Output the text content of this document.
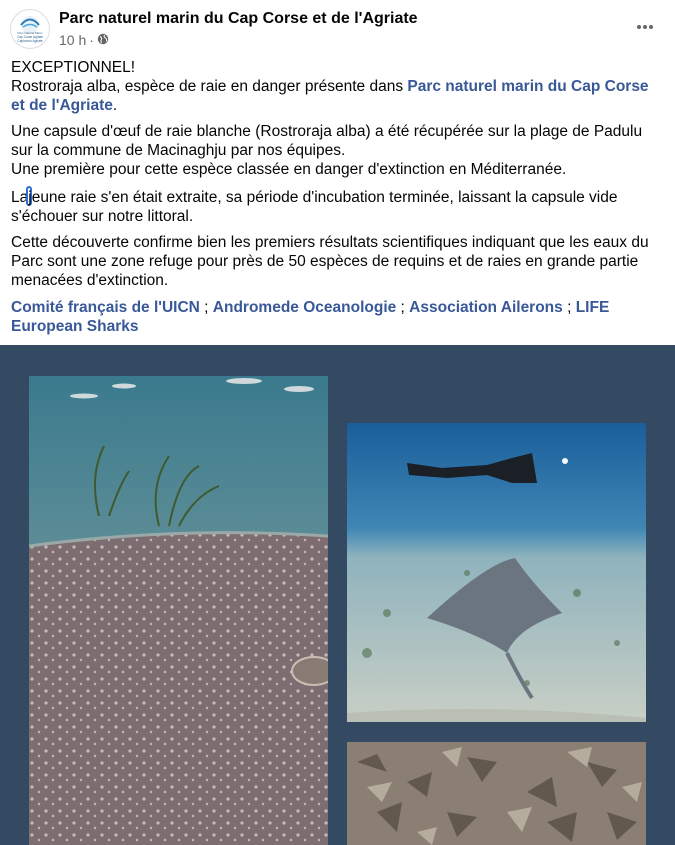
Cap Corse Agriate
Capicorsu Agriate
Parc Naturel Marin
Parc naturel marin du Cap Corse et de l'Agriate
10 h ·

EXCEPTIONNEL!
Rostroraja alba, espèce de raie en danger présente dans Parc naturel marin du Cap Corse et de l'Agriate.

Une capsule d'œuf de raie blanche (Rostroraja alba) a été récupérée sur la plage de Padulu sur la commune de Macinaghju par nos équipes.
Une première pour cette espèce classée en danger d'extinction en Méditerranée.

Lajeune raie s'en était extraite, sa période d'incubation terminée, laissant la capsule vide s'échouer sur notre littoral.

Cette découverte confirme bien les premiers résultats scientifiques indiquant que les eaux du Parc sont une zone refuge pour près de 50 espèces de requins et de raies en grande partie menacées d'extinction.

Comité français de l'UICN ; Andromede Oceanologie ; Association Ailerons ; LIFE European Sharks
